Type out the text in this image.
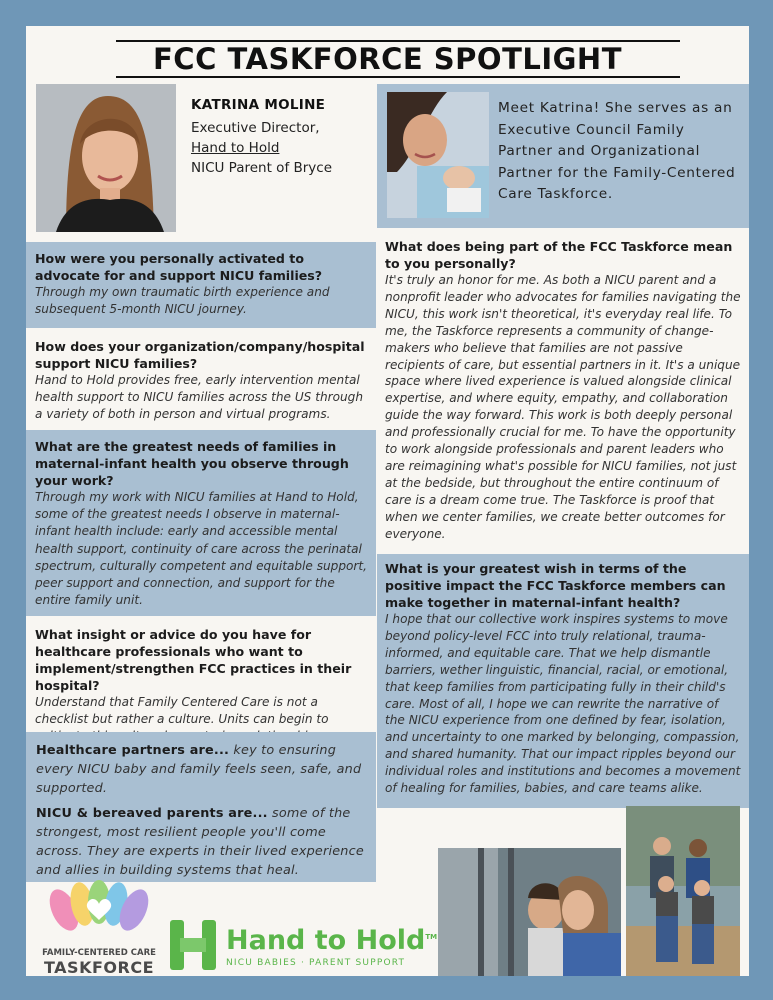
FCC TASKFORCE SPOTLIGHT
KATRINA MOLINE
Executive Director,
Hand to Hold
NICU Parent of Bryce
Meet Katrina! She serves as an Executive Council Family Partner and Organizational Partner for the Family-Centered Care Taskforce.

How were you personally activated to advocate for and support NICU families?

Through my own traumatic birth experience and subsequent 5-month NICU journey.

How does your organization/company/hospital support NICU families?

Hand to Hold provides free, early intervention mental health support to NICU families across the US through a variety of both in person and virtual programs.

What are the greatest needs of families in maternal-infant health you observe through your work?

Through my work with NICU families at Hand to Hold, some of the greatest needs I observe in maternal-infant health include: early and accessible mental health support, continuity of care across the perinatal spectrum, culturally competent and equitable support, peer support and connection, and support for the entire family unit.

What insight or advice do you have for healthcare professionals who want to implement/strengthen FCC practices in their hospital?

Understand that Family Centered Care is not a checklist but rather a culture. Units can begin to

Healthcare partners are... key to ensuring every NICU baby and family feels seen, safe, and supported.
NICU & bereaved parents are... some of the strongest, most resilient people you'll come across. They are experts in their lived experience and allies in building systems that heal.

What does being part of the FCC Taskforce mean to you personally?

It's truly an honor for me. As both a NICU parent and a nonprofit leader who advocates for families navigating the NICU, this work isn't theoretical, it's everyday real life. To me, the Taskforce represents a community of change-makers who believe that families are not passive recipients of care, but essential partners in it. It's a unique space where lived experience is valued alongside clinical expertise, and where equity, empathy, and collaboration guide the way forward. This work is both deeply personal and professionally crucial for me. To have the opportunity to work alongside professionals and parent leaders who are reimagining what's possible for NICU families, not just at the bedside, but throughout the entire continuum of care is a dream come true. The Taskforce is proof that when we center families, we create better outcomes for everyone.

What is your greatest wish in terms of the positive impact the FCC Taskforce members can make together in maternal-infant health?

I hope that our collective work inspires systems to move beyond policy-level FCC into truly relational, trauma-informed, and equitable care. That we help dismantle barriers, wether linguistic, financial, racial, or emotional, that keep families from participating fully in their child's care. Most of all, I hope we can rewrite the narrative of the NICU experience from one defined by fear, isolation, and uncertainty to one marked by belonging, compassion, and shared humanity. That our impact ripples beyond our individual roles and institutions and becomes a movement of healing for families, babies, and care teams alike.

FAMILY-CENTERED CARE
TASKFORCE
Hand to Hold™
NICU BABIES · PARENT SUPPORT
